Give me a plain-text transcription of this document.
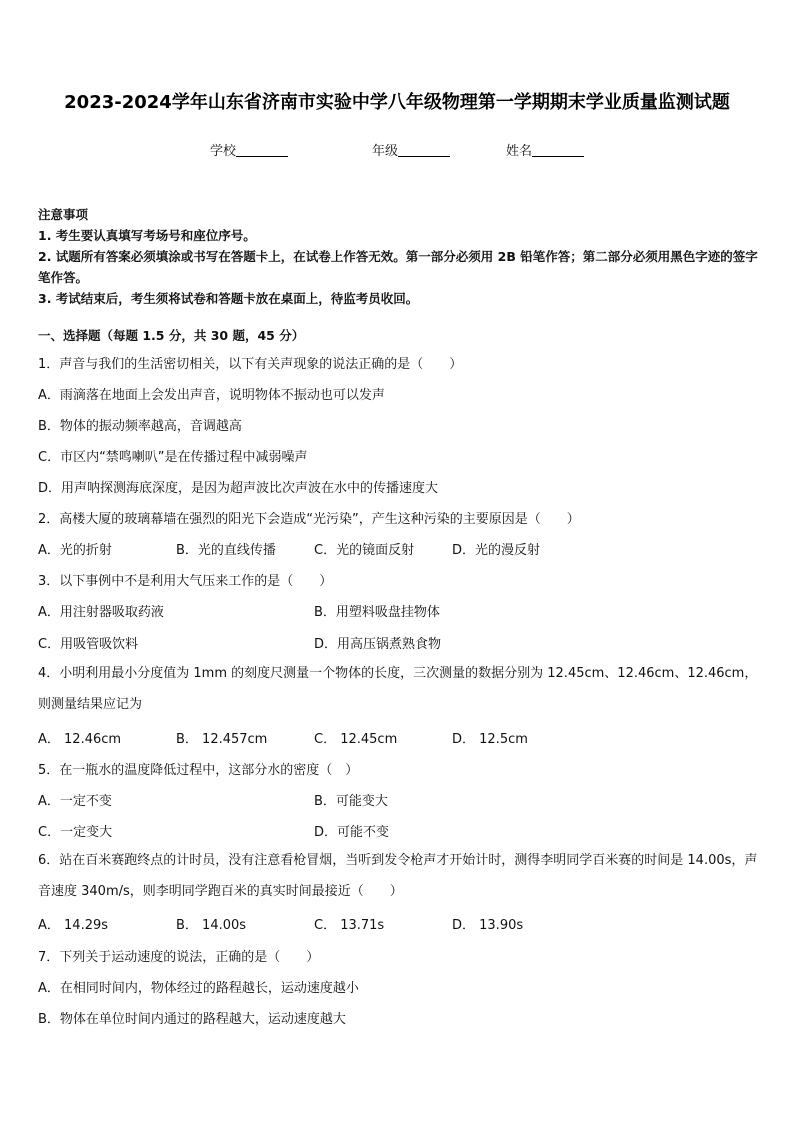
2023-2024学年山东省济南市实验中学八年级物理第一学期期末学业质量监测试题
学校	年级	姓名
注意事项
1. 考生要认真填写考场号和座位序号。
2. 试题所有答案必须填涂或书写在答题卡上，在试卷上作答无效。第一部分必须用 2B 铅笔作答；第二部分必须用黑色字迹的签字笔作答。
3. 考试结束后，考生须将试卷和答题卡放在桌面上，待监考员收回。
一、选择题（每题 1.5 分，共 30 题，45 分）
1．声音与我们的生活密切相关，以下有关声现象的说法正确的是（　　）
A．雨滴落在地面上会发出声音，说明物体不振动也可以发声
B．物体的振动频率越高，音调越高
C．市区内“禁鸣喇叭”是在传播过程中减弱噪声
D．用声呐探测海底深度，是因为超声波比次声波在水中的传播速度大
2．高楼大厦的玻璃幕墙在强烈的阳光下会造成“光污染”，产生这种污染的主要原因是（　　）
A．光的折射	B．光的直线传播	C．光的镜面反射	D．光的漫反射
3．以下事例中不是利用大气压来工作的是（　　）
A．用注射器吸取药液	B．用塑料吸盘挂物体
C．用吸管吸饮料	D．用高压锅煮熟食物
4．小明利用最小分度值为 1mm 的刻度尺测量一个物体的长度，三次测量的数据分别为 12.45cm、12.46cm、12.46cm，则测量结果应记为
A． 12.46cm	B． 12.457cm	C． 12.45cm	D． 12.5cm
5．在一瓶水的温度降低过程中，这部分水的密度（　）
A．一定不变	B．可能变大
C．一定变大	D．可能不变
6．站在百米赛跑终点的计时员，没有注意看枪冒烟，当听到发令枪声才开始计时，测得李明同学百米赛的时间是 14.00s，声音速度 340m/s，则李明同学跑百米的真实时间最接近（　　）
A． 14.29s	B． 14.00s	C． 13.71s	D． 13.90s
7．下列关于运动速度的说法，正确的是（　　）
A．在相同时间内，物体经过的路程越长，运动速度越小
B．物体在单位时间内通过的路程越大，运动速度越大
